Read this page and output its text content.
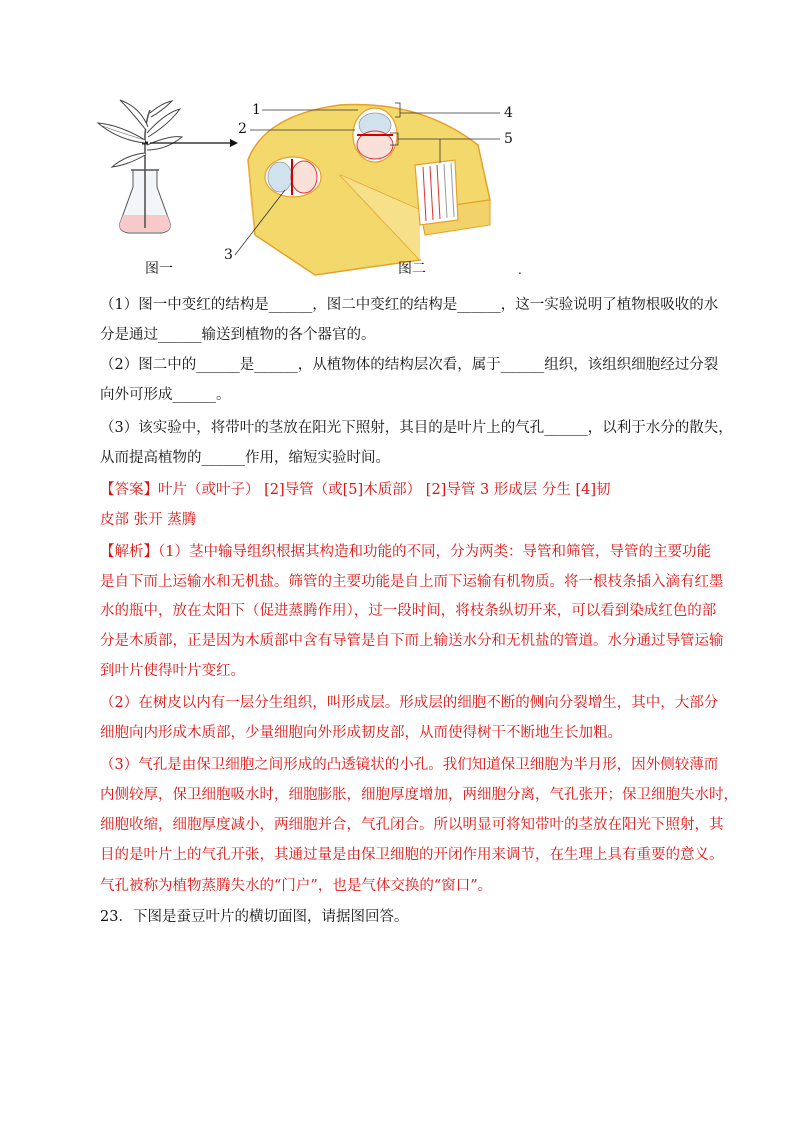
1
2
3
4
5
图一	图二	.
（1）图一中变红的结构是______，图二中变红的结构是______，这一实验说明了植物根吸收的水
分是通过______输送到植物的各个器官的。
（2）图二中的______是______，从植物体的结构层次看，属于______组织，该组织细胞经过分裂
向外可形成______。
（3）该实验中，将带叶的茎放在阳光下照射，其目的是叶片上的气孔______，以利于水分的散失，
从而提高植物的______作用，缩短实验时间。
【答案】叶片（或叶子） [2]导管（或[5]木质部） [2]导管 3 形成层 分生 [4]韧
皮部 张开 蒸腾
【解析】（1）茎中输导组织根据其构造和功能的不同，分为两类：导管和筛管，导管的主要功能
是自下而上运输水和无机盐。筛管的主要功能是自上而下运输有机物质。将一根枝条插入滴有红墨
水的瓶中，放在太阳下（促进蒸腾作用），过一段时间，将枝条纵切开来，可以看到染成红色的部
分是木质部，正是因为木质部中含有导管是自下而上输送水分和无机盐的管道。水分通过导管运输
到叶片使得叶片变红。
（2）在树皮以内有一层分生组织，叫形成层。形成层的细胞不断的侧向分裂增生，其中，大部分
细胞向内形成木质部，少量细胞向外形成韧皮部，从而使得树干不断地生长加粗。
（3）气孔是由保卫细胞之间形成的凸透镜状的小孔。我们知道保卫细胞为半月形，因外侧较薄而
内侧较厚，保卫细胞吸水时，细胞膨胀，细胞厚度增加，两细胞分离，气孔张开；保卫细胞失水时，
细胞收缩，细胞厚度减小，两细胞并合，气孔闭合。所以明显可将知带叶的茎放在阳光下照射，其
目的是叶片上的气孔开张，其通过量是由保卫细胞的开闭作用来调节，在生理上具有重要的意义。
气孔被称为植物蒸腾失水的“门户”，也是气体交换的“窗口”。
23．下图是蚕豆叶片的横切面图，请据图回答。
